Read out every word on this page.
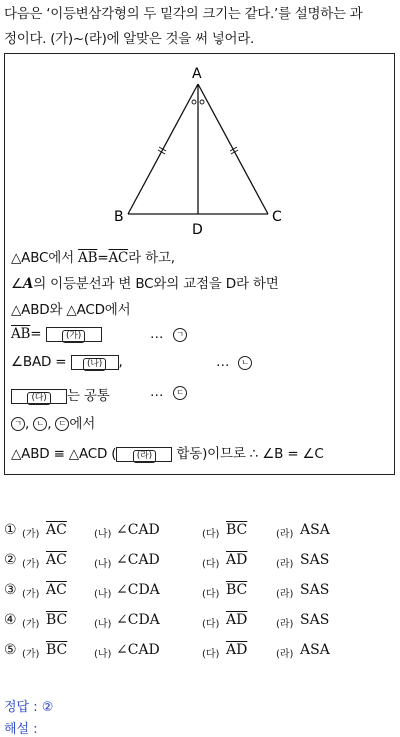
다음은 ‘이등변삼각형의 두 밑각의 크기는 같다.’를 설명하는 과
정이다. (가)~(라)에 알맞은 것을 써 넣어라.
A
B	C
D
△ABC에서 $\overline{AB}=\overline{AC}$라 하고,
∠A의 이등분선과 변 BC와의 교점을 D라 하면
△ABD와 △ACD에서
$\overline{AB}=$	(가)	…	ㄱ
∠BAD = (나) ,	…	ㄴ
(다) 는 공통	…	ㄷ
ㄱ , ㄴ , ㄷ 에서
△ABD ≡ △ACD ( (라) 합동)이므로 ∴ ∠B = ∠C
① (가) $\overline{AC}$	(나) ∠CAD	(다) $\overline{BC}$	(라) ASA
② (가) $\overline{AC}$	(나) ∠CAD	(다) $\overline{AD}$	(라) SAS
③ (가) $\overline{AC}$	(나) ∠CDA	(다) $\overline{BC}$	(라) SAS
④ (가) $\overline{BC}$	(나) ∠CDA	(다) $\overline{AD}$	(라) SAS
⑤ (가) $\overline{BC}$	(나) ∠CAD	(다) $\overline{AD}$	(라) ASA
정답 : ②
해설 :
